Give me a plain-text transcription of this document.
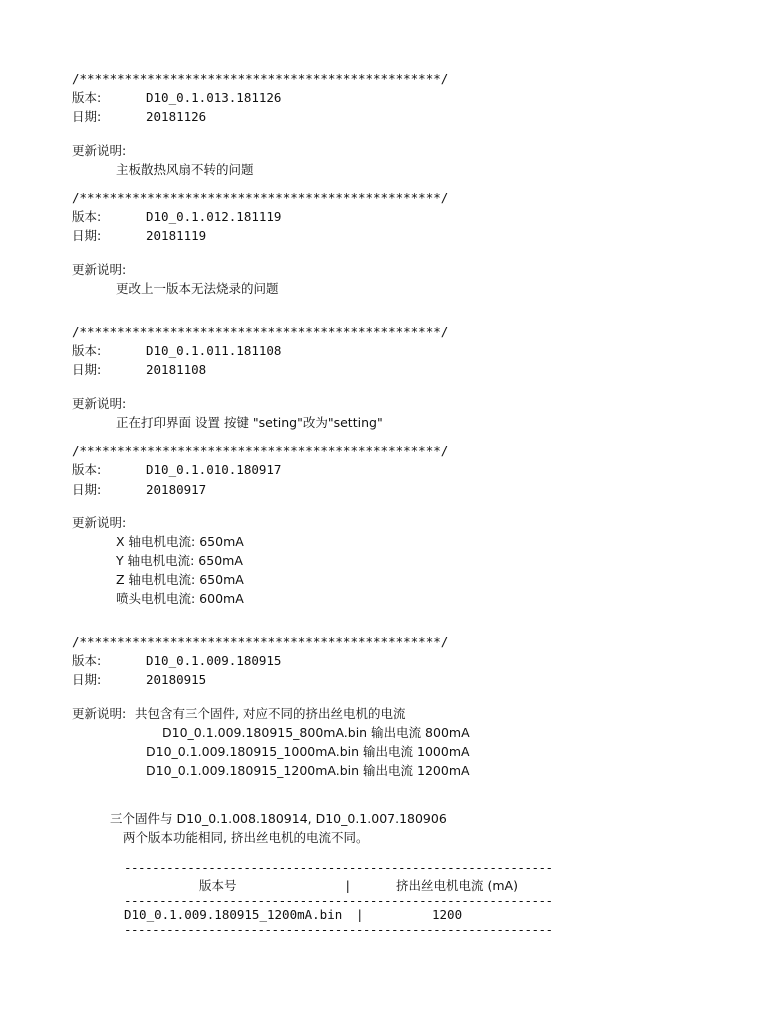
/************************************************/
版本:	D10_0.1.013.181126
日期:	20181126
更新说明:
主板散热风扇不转的问题
/************************************************/
版本:	D10_0.1.012.181119
日期:	20181119
更新说明:
更改上一版本无法烧录的问题
/************************************************/
版本:	D10_0.1.011.181108
日期:	20181108
更新说明:
正在打印界面 设置 按键 "seting"改为"setting"
/************************************************/
版本:	D10_0.1.010.180917
日期:	20180917
更新说明:
X 轴电机电流: 650mA
Y 轴电机电流: 650mA
Z 轴电机电流: 650mA
喷头电机电流: 600mA
/************************************************/
版本:	D10_0.1.009.180915
日期:	20180915
更新说明: 共包含有三个固件, 对应不同的挤出丝电机的电流
D10_0.1.009.180915_800mA.bin 输出电流 800mA
D10_0.1.009.180915_1000mA.bin 输出电流 1000mA
D10_0.1.009.180915_1200mA.bin 输出电流 1200mA
三个固件与 D10_0.1.008.180914, D10_0.1.007.180906
两个版本功能相同, 挤出丝电机的电流不同。
-------------------------------------------------------------
版本号	|	挤出丝电机电流 (mA)
-------------------------------------------------------------
D10_0.1.009.180915_1200mA.bin |	1200
-------------------------------------------------------------
